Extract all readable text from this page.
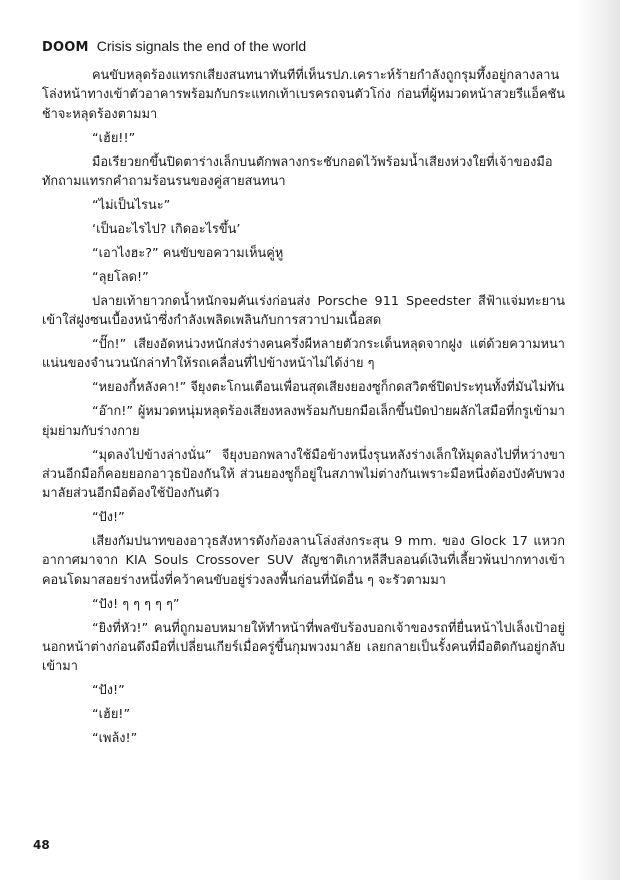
DOOM Crisis signals the end of the world

คนขับหลุดร้องแทรกเสียงสนทนาทันทีที่เห็นรปภ.เคราะห์ร้ายกำลังถูกรุมทึ้งอยู่กลางลานโล่งหน้าทางเข้าตัวอาคารพร้อมกับกระแทกเท้าเบรครถจนตัวโก่ง ก่อนที่ผู้หมวดหน้าสวยรีแอ็คชันช้าจะหลุดร้องตามมา

“เฮ้ย!!”

มือเรียวยกขึ้นปิดตาร่างเล็กบนตักพลางกระชับกอดไว้พร้อมน้ำเสียงห่วงใยที่เจ้าของมือทักถามแทรกคำถามร้อนรนของคู่สายสนทนา

“ไม่เป็นไรนะ”

‘เป็นอะไรไป? เกิดอะไรขึ้น’

“เอาไงฮะ?” คนขับขอความเห็นคู่หู

“ลุยโลด!”

ปลายเท้ายาวกดน้ำหนักจมคันเร่งก่อนส่ง Porsche 911 Speedster สีฟ้าแจ่มทะยานเข้าใส่ฝูงซนเบื้องหน้าซึ่งกำลังเพลิดเพลินกับการสวาปามเนื้อสด

“ปั๊ก!” เสียงอัดหน่วงหนักส่งร่างคนครึ่งผีหลายตัวกระเด็นหลุดจากฝูง แต่ด้วยความหนาแน่นของจำนวนนักล่าทำให้รถเคลื่อนที่ไปข้างหน้าไม่ได้ง่าย ๆ

“หยองกี้หลังคา!” จียุงตะโกนเตือนเพื่อนสุดเสียงยองซูก็กดสวิตช์ปิดประทุนทั้งที่มันไม่ทัน

“อ๊าก!” ผู้หมวดหนุ่มหลุดร้องเสียงหลงพร้อมกับยกมือเล็กขึ้นปัดป่ายผลักไสมือที่กรูเข้ามายุ่มย่ามกับร่างกาย

“มุดลงไปข้างล่างนั่น” จียุงบอกพลางใช้มือข้างหนึ่งรุนหลังร่างเล็กให้มุดลงไปที่หว่างขาส่วนอีกมือก็คอยยอกอาวุธป้องกันให้ ส่วนยองซูก็อยู่ในสภาพไม่ต่างกันเพราะมือหนึ่งต้องบังคับพวงมาลัยส่วนอีกมือต้องใช้ป้องกันตัว

“ปัง!”

เสียงกัมปนาทของอาวุธสังหารดังก้องลานโล่งส่งกระสุน 9 mm. ของ Glock 17 แหวกอากาศมาจาก KIA Souls Crossover SUV สัญชาติเกาหลีสีบลอนด์เงินที่เลี้ยวพ้นปากทางเข้าคอนโดมาสอยร่างหนึ่งที่คว้าคนขับอยู่ร่วงลงพื้นก่อนที่นัดอื่น ๆ จะรัวตามมา

“ปัง! ๆ ๆ ๆ ๆ ๆ”

“ยิงที่หัว!” คนที่ถูกมอบหมายให้ทำหน้าที่พลขับร้องบอกเจ้าของรถที่ยื่นหน้าไปเล็งเป้าอยู่นอกหน้าต่างก่อนดึงมือที่เปลี่ยนเกียร์เมื่อครู่ขึ้นกุมพวงมาลัย เลยกลายเป็นรั้งคนที่มือติดกันอยู่กลับเข้ามา

“ปัง!”

“เฮ้ย!”

“เพล้ง!”

48
